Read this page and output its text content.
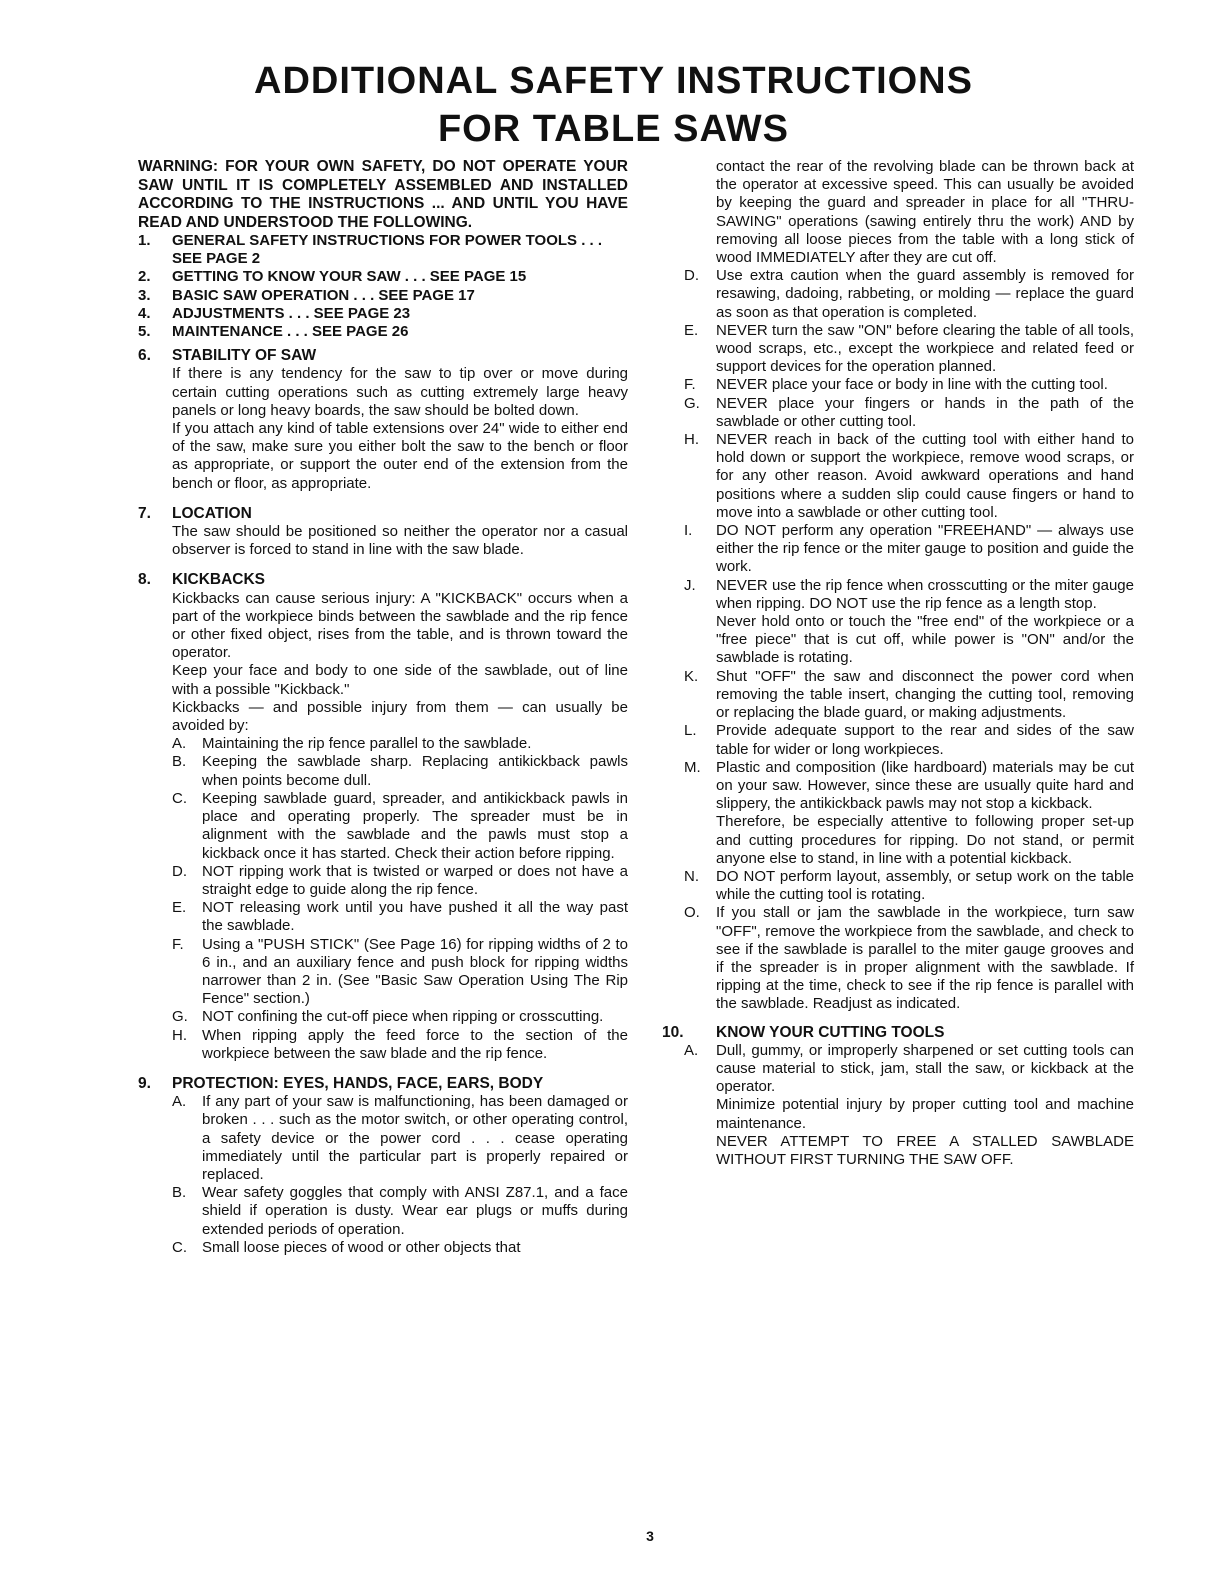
ADDITIONAL SAFETY INSTRUCTIONS
FOR TABLE SAWS
WARNING: FOR YOUR OWN SAFETY, DO NOT OPERATE YOUR SAW UNTIL IT IS COMPLETELY ASSEMBLED AND INSTALLED ACCORDING TO THE INSTRUCTIONS ... AND UNTIL YOU HAVE READ AND UNDERSTOOD THE FOLLOWING.
1. GENERAL SAFETY INSTRUCTIONS FOR POWER TOOLS . . . SEE PAGE 2
2. GETTING TO KNOW YOUR SAW . . . SEE PAGE 15
3. BASIC SAW OPERATION . . . SEE PAGE 17
4. ADJUSTMENTS . . . SEE PAGE 23
5. MAINTENANCE . . . SEE PAGE 26
6. STABILITY OF SAW
If there is any tendency for the saw to tip over or move during certain cutting operations such as cutting extremely large heavy panels or long heavy boards, the saw should be bolted down.
If you attach any kind of table extensions over 24" wide to either end of the saw, make sure you either bolt the saw to the bench or floor as appropriate, or support the outer end of the extension from the bench or floor, as appropriate.
7. LOCATION
The saw should be positioned so neither the operator nor a casual observer is forced to stand in line with the saw blade.
8. KICKBACKS
Kickbacks can cause serious injury: A "KICKBACK" occurs when a part of the workpiece binds between the sawblade and the rip fence or other fixed object, rises from the table, and is thrown toward the operator.
Keep your face and body to one side of the sawblade, out of line with a possible "Kickback."
Kickbacks — and possible injury from them — can usually be avoided by:
A. Maintaining the rip fence parallel to the sawblade.
B. Keeping the sawblade sharp. Replacing antikickback pawls when points become dull.
C. Keeping sawblade guard, spreader, and antikickback pawls in place and operating properly. The spreader must be in alignment with the sawblade and the pawls must stop a kickback once it has started. Check their action before ripping.
D. NOT ripping work that is twisted or warped or does not have a straight edge to guide along the rip fence.
E. NOT releasing work until you have pushed it all the way past the sawblade.
F. Using a "PUSH STICK" (See Page 16) for ripping widths of 2 to 6 in., and an auxiliary fence and push block for ripping widths narrower than 2 in. (See "Basic Saw Operation Using The Rip Fence" section.)
G. NOT confining the cut-off piece when ripping or crosscutting.
H. When ripping apply the feed force to the section of the workpiece between the saw blade and the rip fence.
9. PROTECTION: EYES, HANDS, FACE, EARS, BODY
A. If any part of your saw is malfunctioning, has been damaged or broken . . . such as the motor switch, or other operating control, a safety device or the power cord . . . cease operating immediately until the particular part is properly repaired or replaced.
B. Wear safety goggles that comply with ANSI Z87.1, and a face shield if operation is dusty. Wear ear plugs or muffs during extended periods of operation.
C. Small loose pieces of wood or other objects that
contact the rear of the revolving blade can be thrown back at the operator at excessive speed. This can usually be avoided by keeping the guard and spreader in place for all "THRU-SAWING" operations (sawing entirely thru the work) AND by removing all loose pieces from the table with a long stick of wood IMMEDIATELY after they are cut off.
D. Use extra caution when the guard assembly is removed for resawing, dadoing, rabbeting, or molding — replace the guard as soon as that operation is completed.
E. NEVER turn the saw "ON" before clearing the table of all tools, wood scraps, etc., except the workpiece and related feed or support devices for the operation planned.
F. NEVER place your face or body in line with the cutting tool.
G. NEVER place your fingers or hands in the path of the sawblade or other cutting tool.
H. NEVER reach in back of the cutting tool with either hand to hold down or support the workpiece, remove wood scraps, or for any other reason. Avoid awkward operations and hand positions where a sudden slip could cause fingers or hand to move into a sawblade or other cutting tool.
I. DO NOT perform any operation "FREEHAND" — always use either the rip fence or the miter gauge to position and guide the work.
J. NEVER use the rip fence when crosscutting or the miter gauge when ripping. DO NOT use the rip fence as a length stop.
Never hold onto or touch the "free end" of the workpiece or a "free piece" that is cut off, while power is "ON" and/or the sawblade is rotating.
K. Shut "OFF" the saw and disconnect the power cord when removing the table insert, changing the cutting tool, removing or replacing the blade guard, or making adjustments.
L. Provide adequate support to the rear and sides of the saw table for wider or long workpieces.
M. Plastic and composition (like hardboard) materials may be cut on your saw. However, since these are usually quite hard and slippery, the antikickback pawls may not stop a kickback.
Therefore, be especially attentive to following proper set-up and cutting procedures for ripping. Do not stand, or permit anyone else to stand, in line with a potential kickback.
N. DO NOT perform layout, assembly, or setup work on the table while the cutting tool is rotating.
O. If you stall or jam the sawblade in the workpiece, turn saw "OFF", remove the workpiece from the sawblade, and check to see if the sawblade is parallel to the miter gauge grooves and if the spreader is in proper alignment with the sawblade. If ripping at the time, check to see if the rip fence is parallel with the sawblade. Readjust as indicated.
10. KNOW YOUR CUTTING TOOLS
A. Dull, gummy, or improperly sharpened or set cutting tools can cause material to stick, jam, stall the saw, or kickback at the operator.
Minimize potential injury by proper cutting tool and machine maintenance.
NEVER ATTEMPT TO FREE A STALLED SAWBLADE WITHOUT FIRST TURNING THE SAW OFF.
3
